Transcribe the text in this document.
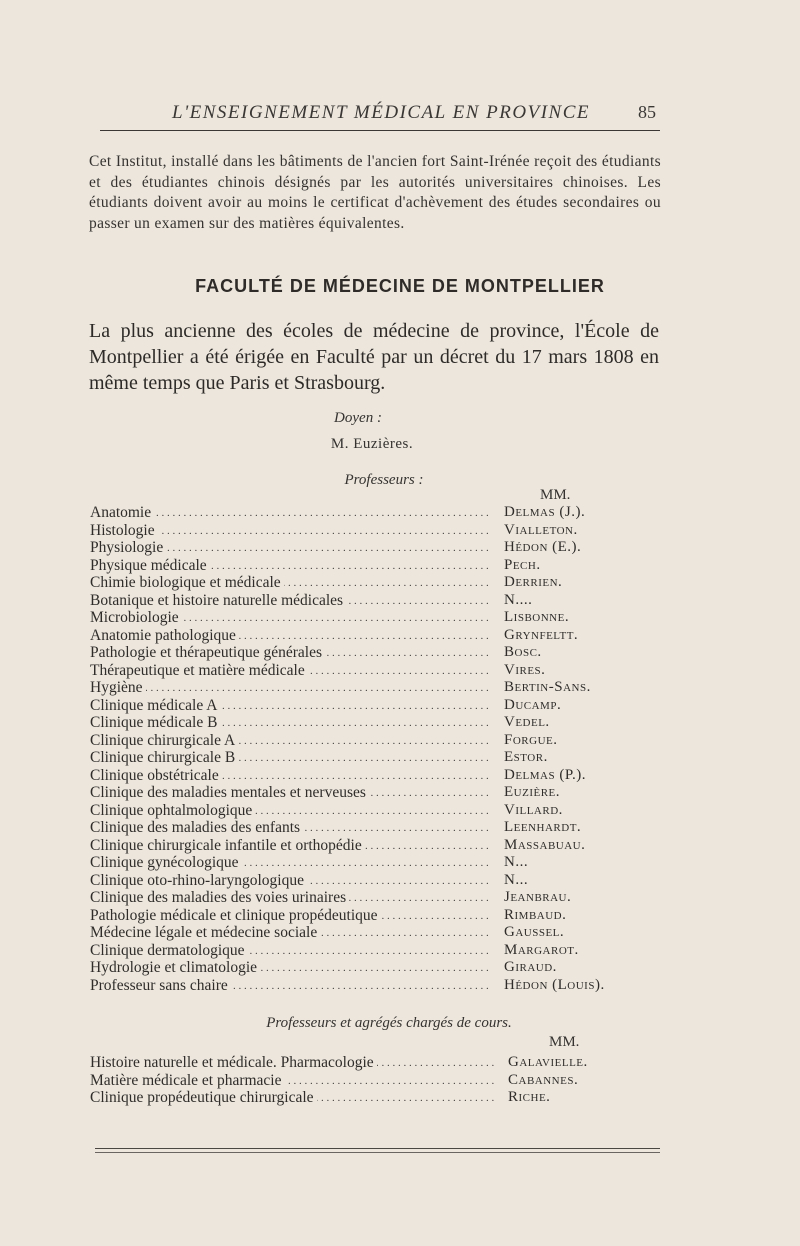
L'ENSEIGNEMENT MÉDICAL EN PROVINCE	85

Cet Institut, installé dans les bâtiments de l'ancien fort Saint-Irénée reçoit des étudiants et des étudiantes chinois désignés par les autorités universitaires chinoises. Les étudiants doivent avoir au moins le certificat d'achèvement des études secondaires ou passer un examen sur des matières équivalentes.

FACULTÉ DE MÉDECINE DE MONTPELLIER

La plus ancienne des écoles de médecine de province, l'École de Montpellier a été érigée en Faculté par un décret du 17 mars 1808 en même temps que Paris et Strasbourg.

Doyen :
M. Euzières.
Professeurs :
MM.
Anatomie . . .	Delmas (J.).
Histologie . . .	Vialleton.
Physiologie . . .	Hédon (E.).
Physique médicale . . .	Pech.
Chimie biologique et médicale . . .	Derrien.
Botanique et histoire naturelle médicales . . .	N....
Microbiologie . . .	Lisbonne.
Anatomie pathologique . . .	Grynfeltt.
Pathologie et thérapeutique générales . . .	Bosc.
Thérapeutique et matière médicale . . .	Vires.
Hygiène . . .	Bertin-Sans.
Clinique médicale A . . .	Ducamp.
Clinique médicale B . . .	Vedel.
Clinique chirurgicale A . . .	Forgue.
Clinique chirurgicale B . . .	Estor.
Clinique obstétricale . . .	Delmas (P.).
Clinique des maladies mentales et nerveuses . . .	Euzière.
Clinique ophtalmologique . . .	Villard.
Clinique des maladies des enfants . . .	Leenhardt.
Clinique chirurgicale infantile et orthopédie . . .	Massabuau.
Clinique gynécologique . . .	N...
Clinique oto-rhino-laryngologique . . .	N...
Clinique des maladies des voies urinaires . . .	Jeanbrau.
Pathologie médicale et clinique propédeutique . . .	Rimbaud.
Médecine légale et médecine sociale . . .	Gaussel.
Clinique dermatologique . . .	Margarot.
Hydrologie et climatologie . . .	Giraud.
Professeur sans chaire . . .	Hédon (Louis).
Professeurs et agrégés chargés de cours.
MM.
Histoire naturelle et médicale. Pharmacologie . . .	Galavielle.
Matière médicale et pharmacie . . .	Cabannes.
Clinique propédeutique chirurgicale . . .	Riche.
